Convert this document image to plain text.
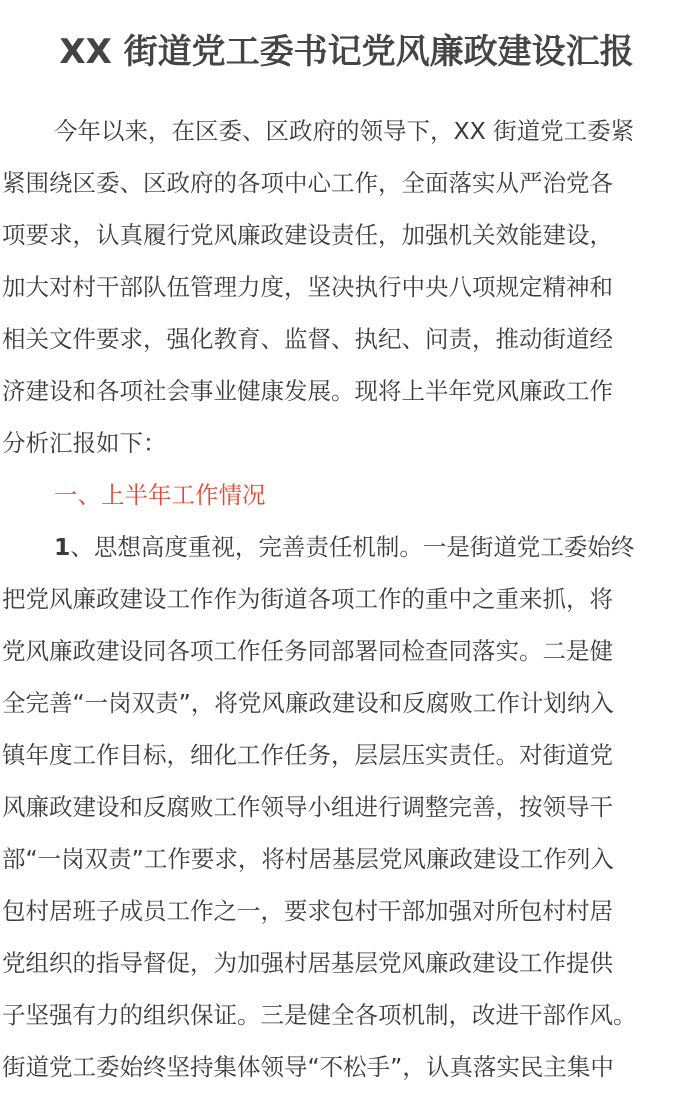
XX 街道党工委书记党风廉政建设汇报
今年以来，在区委、区政府的领导下，XX 街道党工委紧
紧围绕区委、区政府的各项中心工作，全面落实从严治党各
项要求，认真履行党风廉政建设责任，加强机关效能建设，
加大对村干部队伍管理力度，坚决执行中央八项规定精神和
相关文件要求，强化教育、监督、执纪、问责，推动街道经
济建设和各项社会事业健康发展。现将上半年党风廉政工作
分析汇报如下：
一、上半年工作情况
1、思想高度重视，完善责任机制。一是街道党工委始终
把党风廉政建设工作作为街道各项工作的重中之重来抓，将
党风廉政建设同各项工作任务同部署同检查同落实。二是健
全完善“一岗双责”，将党风廉政建设和反腐败工作计划纳入
镇年度工作目标，细化工作任务，层层压实责任。对街道党
风廉政建设和反腐败工作领导小组进行调整完善，按领导干
部“一岗双责”工作要求，将村居基层党风廉政建设工作列入
包村居班子成员工作之一，要求包村干部加强对所包村村居
党组织的指导督促，为加强村居基层党风廉政建设工作提供
子坚强有力的组织保证。三是健全各项机制，改进干部作风。
街道党工委始终坚持集体领导“不松手”，认真落实民主集中
